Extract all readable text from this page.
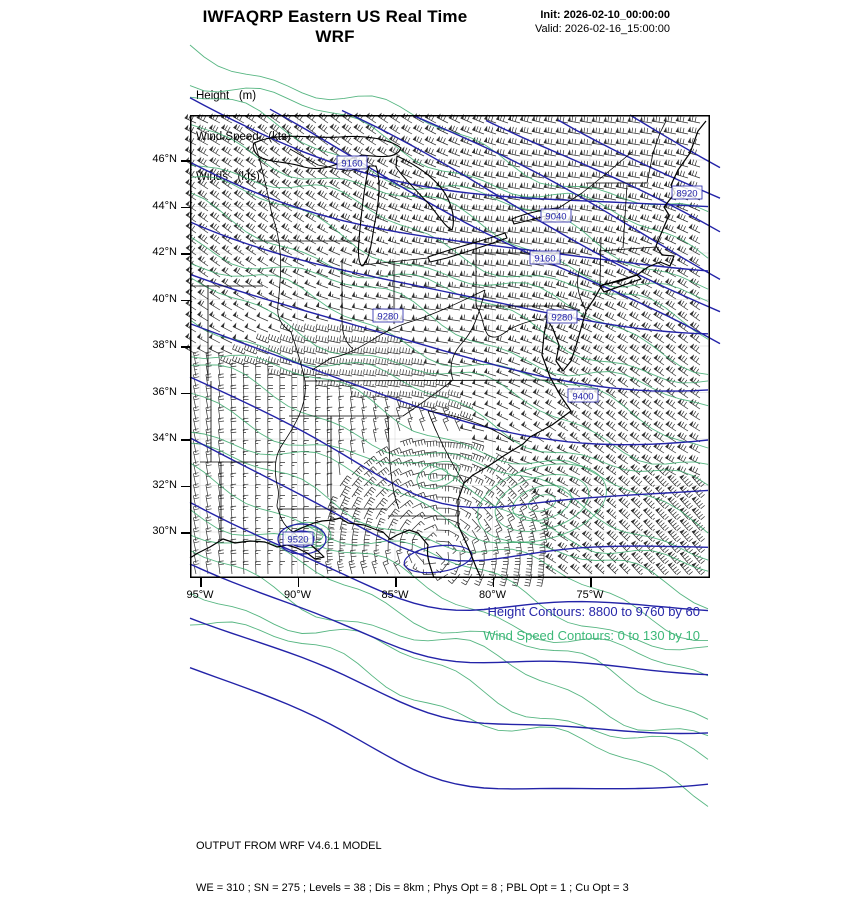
IWFAQRP Eastern US Real Time WRF
Init: 2026-02-10_00:00:00
Valid: 2026-02-16_15:00:00

Height   (m)

Wind Speed   (kts)

Winds   (kts)

9160
8920
9040
9160
9280	9280
9400
9520
46°N
44°N
42°N
40°N
38°N
36°N
34°N
32°N
30°N
95°W	90°W	85°W	80°W	75°W
Height Contours: 8800 to 9760 by 60
Wind Speed Contours: 0 to 130 by 10

OUTPUT FROM WRF V4.6.1 MODEL

WE = 310 ; SN = 275 ; Levels = 38 ; Dis = 8km ; Phys Opt = 8 ; PBL Opt = 1 ; Cu Opt = 3
